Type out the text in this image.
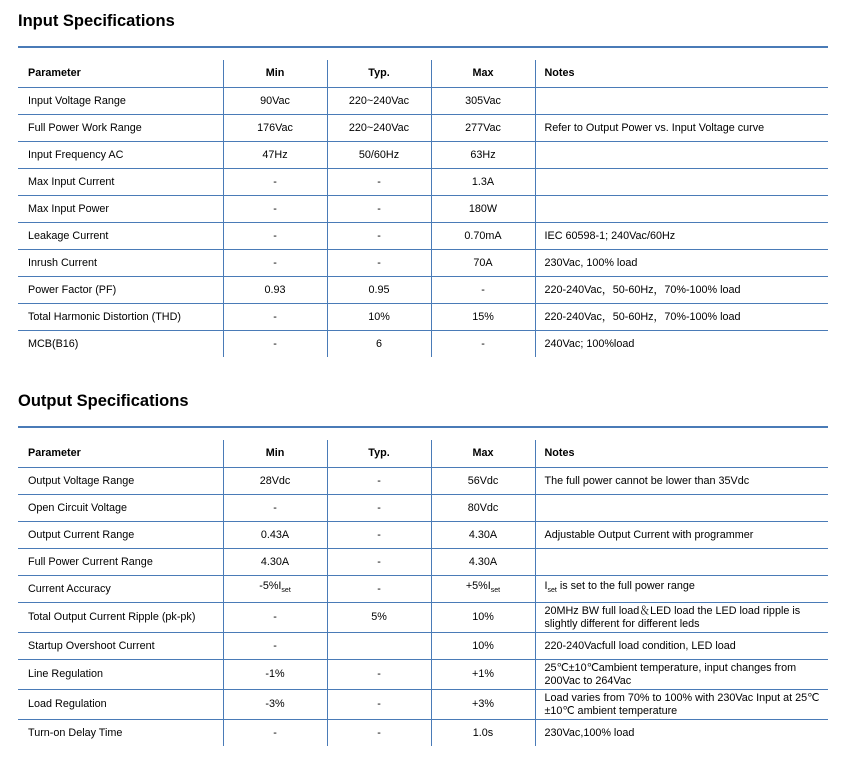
Input Specifications
Parameter	Min	Typ.	Max	Notes
Input Voltage Range	90Vac	220~240Vac	305Vac	
Full Power Work Range	176Vac	220~240Vac	277Vac	Refer to Output Power vs. Input Voltage curve
Input Frequency AC	47Hz	50/60Hz	63Hz	
Max Input Current	-	-	1.3A	
Max Input Power	-	-	180W	
Leakage Current	-	-	0.70mA	IEC 60598-1; 240Vac/60Hz
Inrush Current	-	-	70A	230Vac, 100% load
Power Factor (PF)	0.93	0.95	-	220-240Vac，50-60Hz，70%-100% load
Total Harmonic Distortion (THD)	-	10%	15%	220-240Vac，50-60Hz，70%-100% load
MCB(B16)	-	6	-	240Vac; 100%load
Output Specifications
Parameter	Min	Typ.	Max	Notes
Output Voltage Range	28Vdc	-	56Vdc	The full power cannot be lower than 35Vdc
Open Circuit Voltage	-	-	80Vdc	
Output Current Range	0.43A	-	4.30A	Adjustable Output Current with programmer
Full Power Current Range	4.30A	-	4.30A	
Current Accuracy	$-5\%I_{set}$	-	$+5\%I_{set}$	$I_{set}$ is set to the full power range
Total Output Current Ripple (pk-pk)	-	5%	10%	20MHz BW full load＆LED load the LED load ripple is slightly different for different leds
Startup Overshoot Current	-		10%	220-240Vacfull load condition, LED load
Line Regulation	-1%	-	+1%	25℃±10℃ambient temperature, input changes from 200Vac to 264Vac
Load Regulation	-3%	-	+3%	Load varies from 70% to 100% with 230Vac Input at 25℃±10℃ ambient temperature
Turn-on Delay Time	-	-	1.0s	230Vac,100% load
